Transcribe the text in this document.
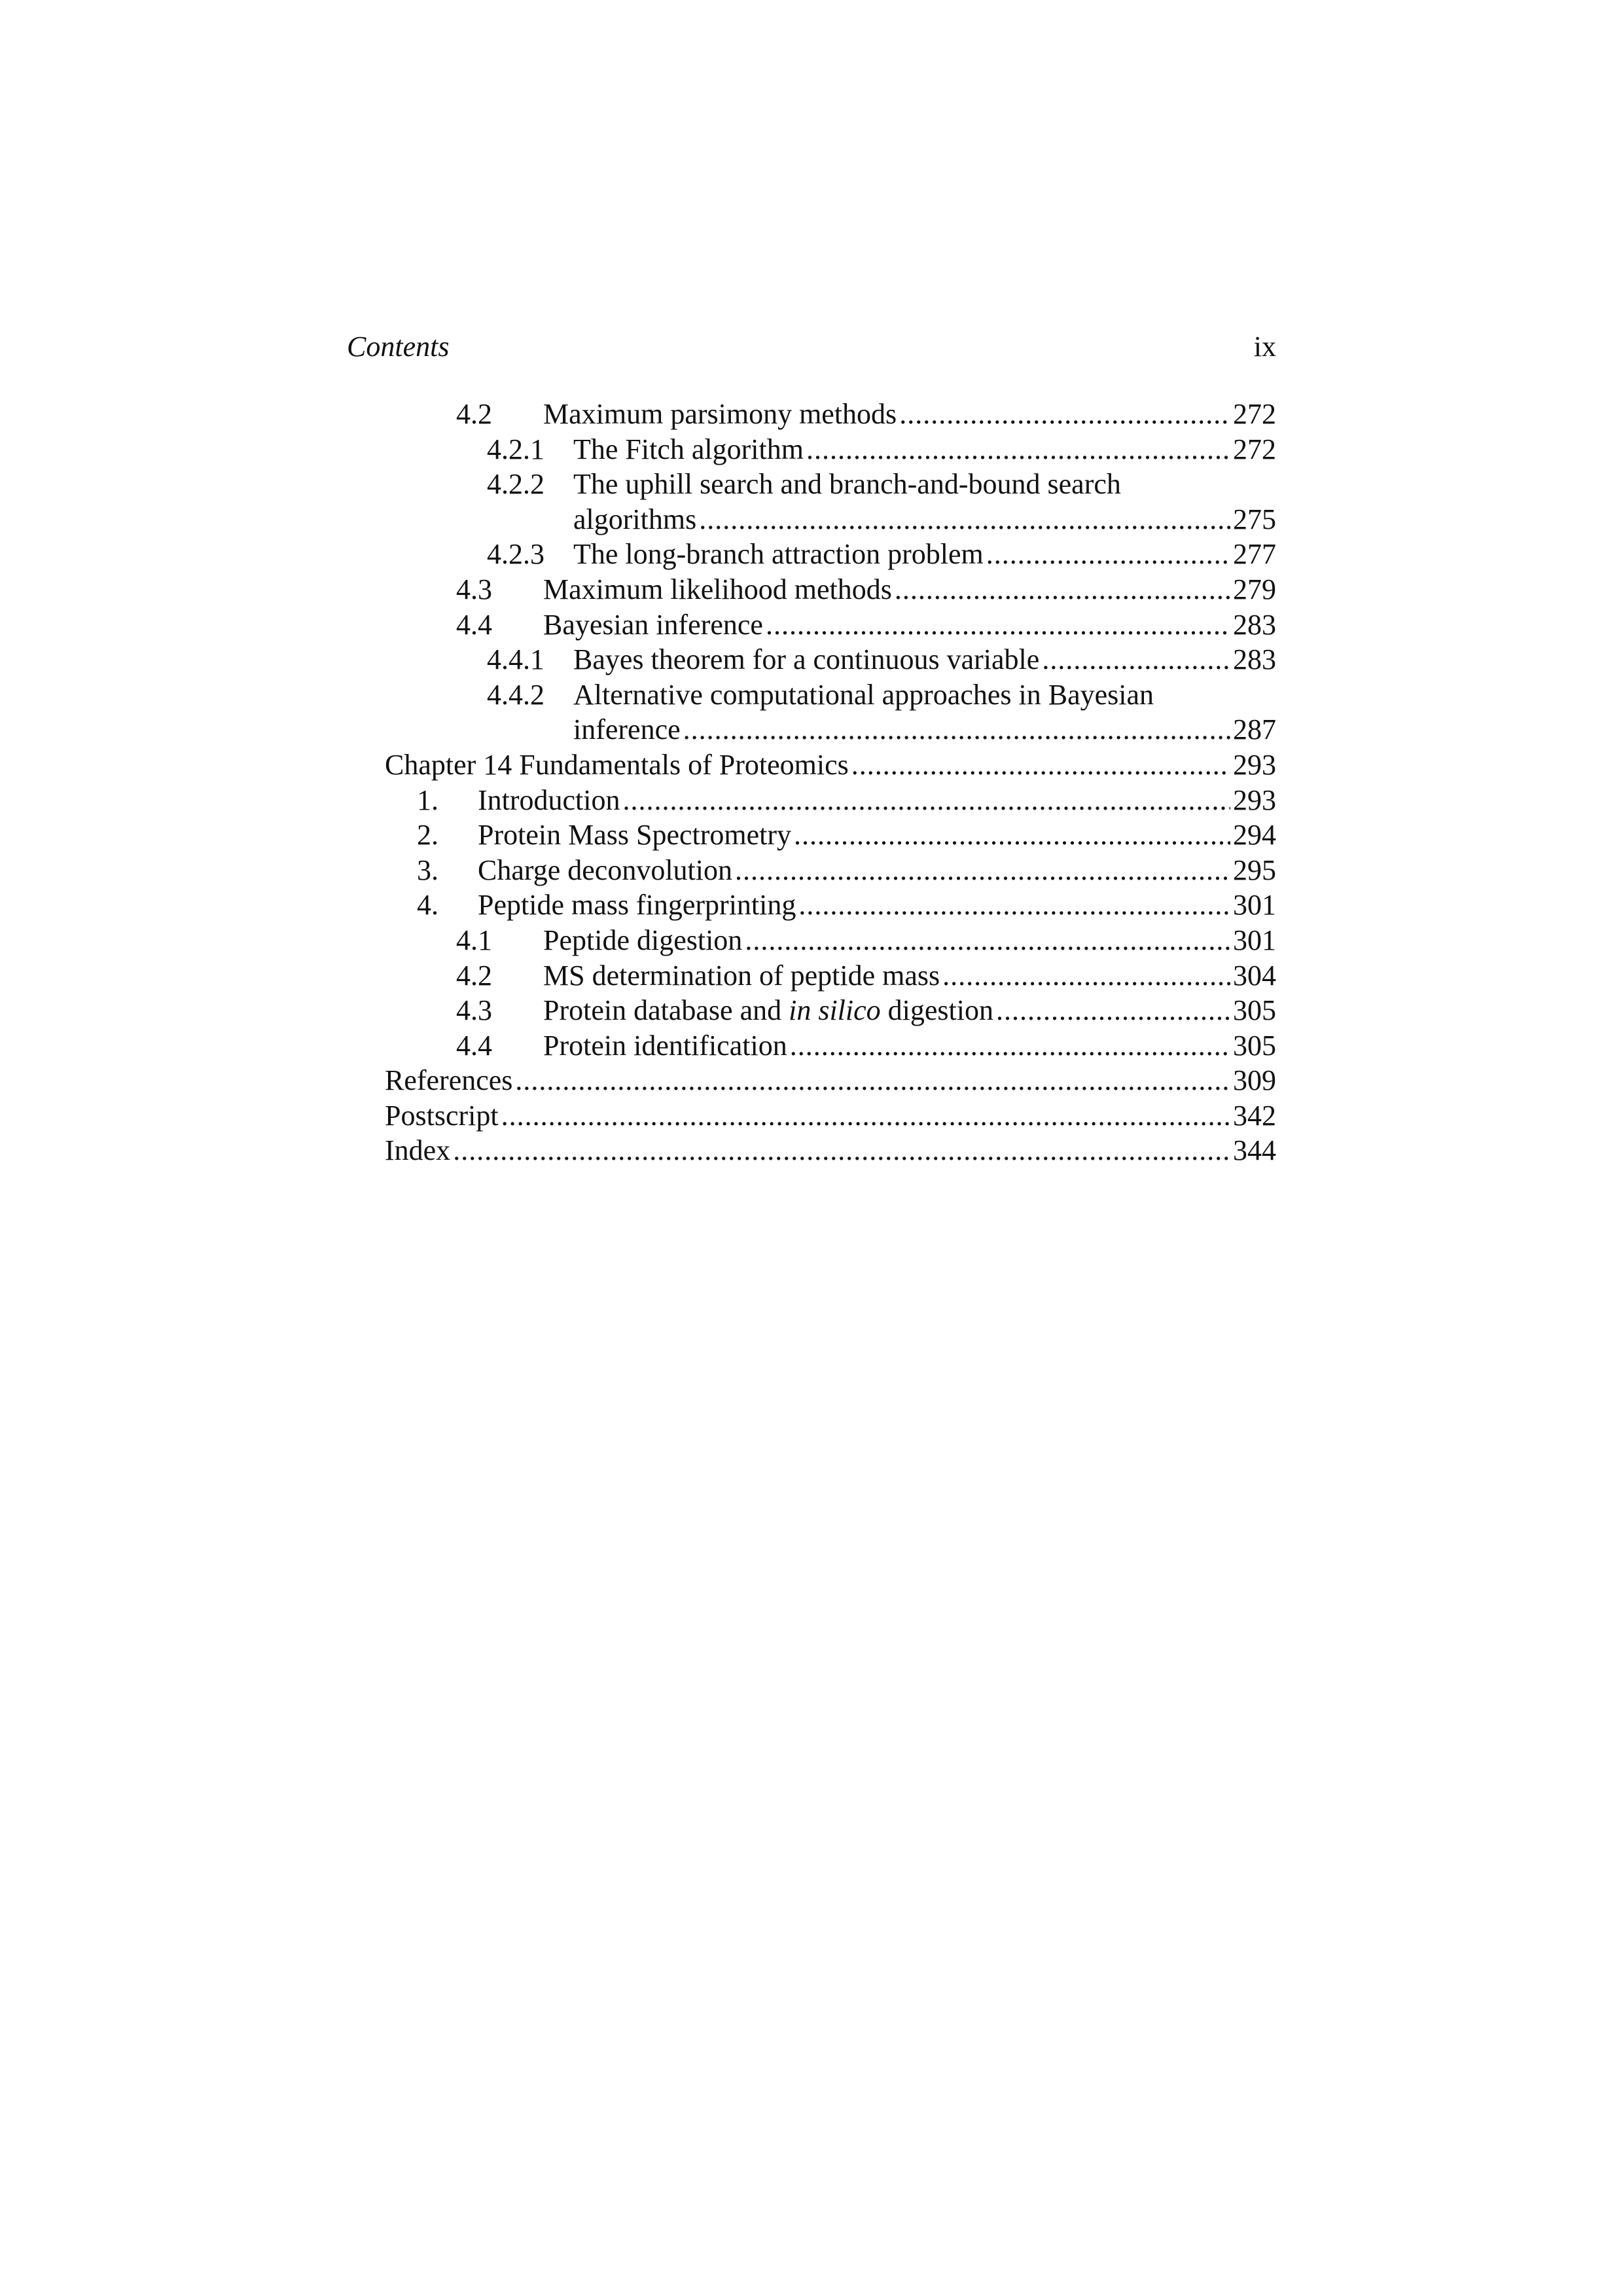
Contents	ix
4.2 Maximum parsimony methods .....	272
4.2.1 The Fitch algorithm .....	272
4.2.2 The uphill search and branch-and-bound search
algorithms .....	275
4.2.3 The long-branch attraction problem .....	277
4.3 Maximum likelihood methods .....	279
4.4 Bayesian inference .....	283
4.4.1 Bayes theorem for a continuous variable .....	283
4.4.2 Alternative computational approaches in Bayesian
inference .....	287
Chapter 14 Fundamentals of Proteomics .....	293
1. Introduction .....	293
2. Protein Mass Spectrometry .....	294
3. Charge deconvolution .....	295
4. Peptide mass fingerprinting .....	301
4.1 Peptide digestion .....	301
4.2 MS determination of peptide mass .....	304
4.3 Protein database and in silico digestion .....	305
4.4 Protein identification .....	305
References .....	309
Postscript .....	342
Index .....	344
